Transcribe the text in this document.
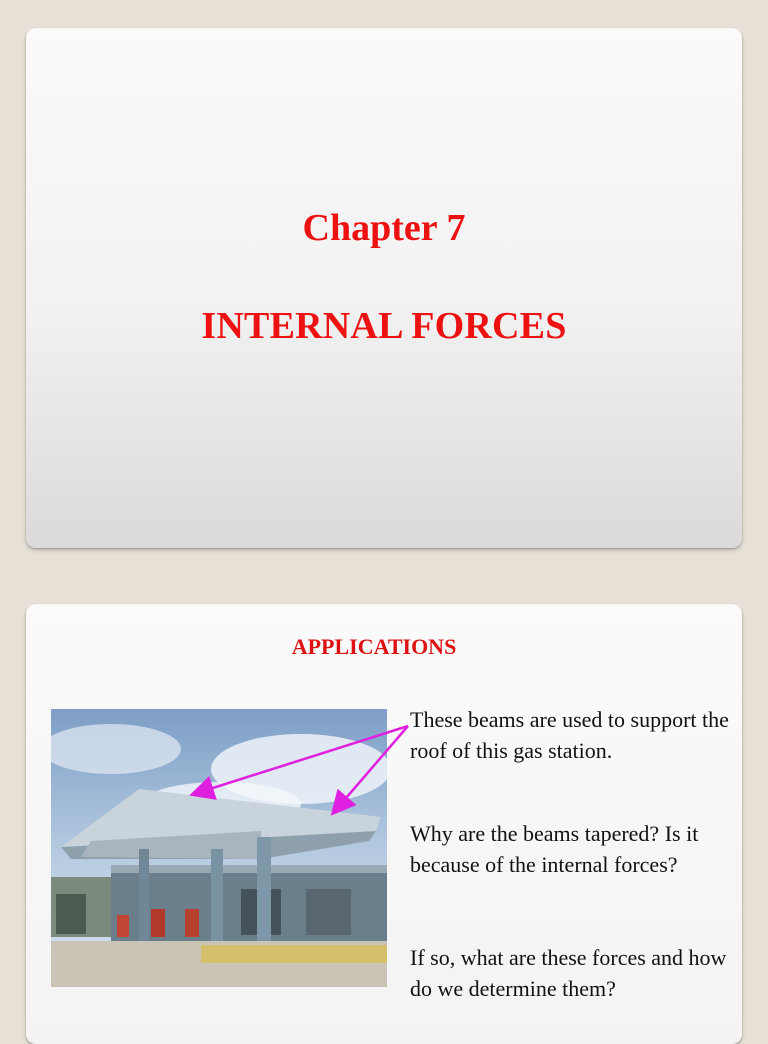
Chapter 7
INTERNAL FORCES
APPLICATIONS
These beams are used to support the roof of this gas station.
Why are the beams tapered? Is it because of the internal forces?
If so, what are these forces and how do we determine them?
